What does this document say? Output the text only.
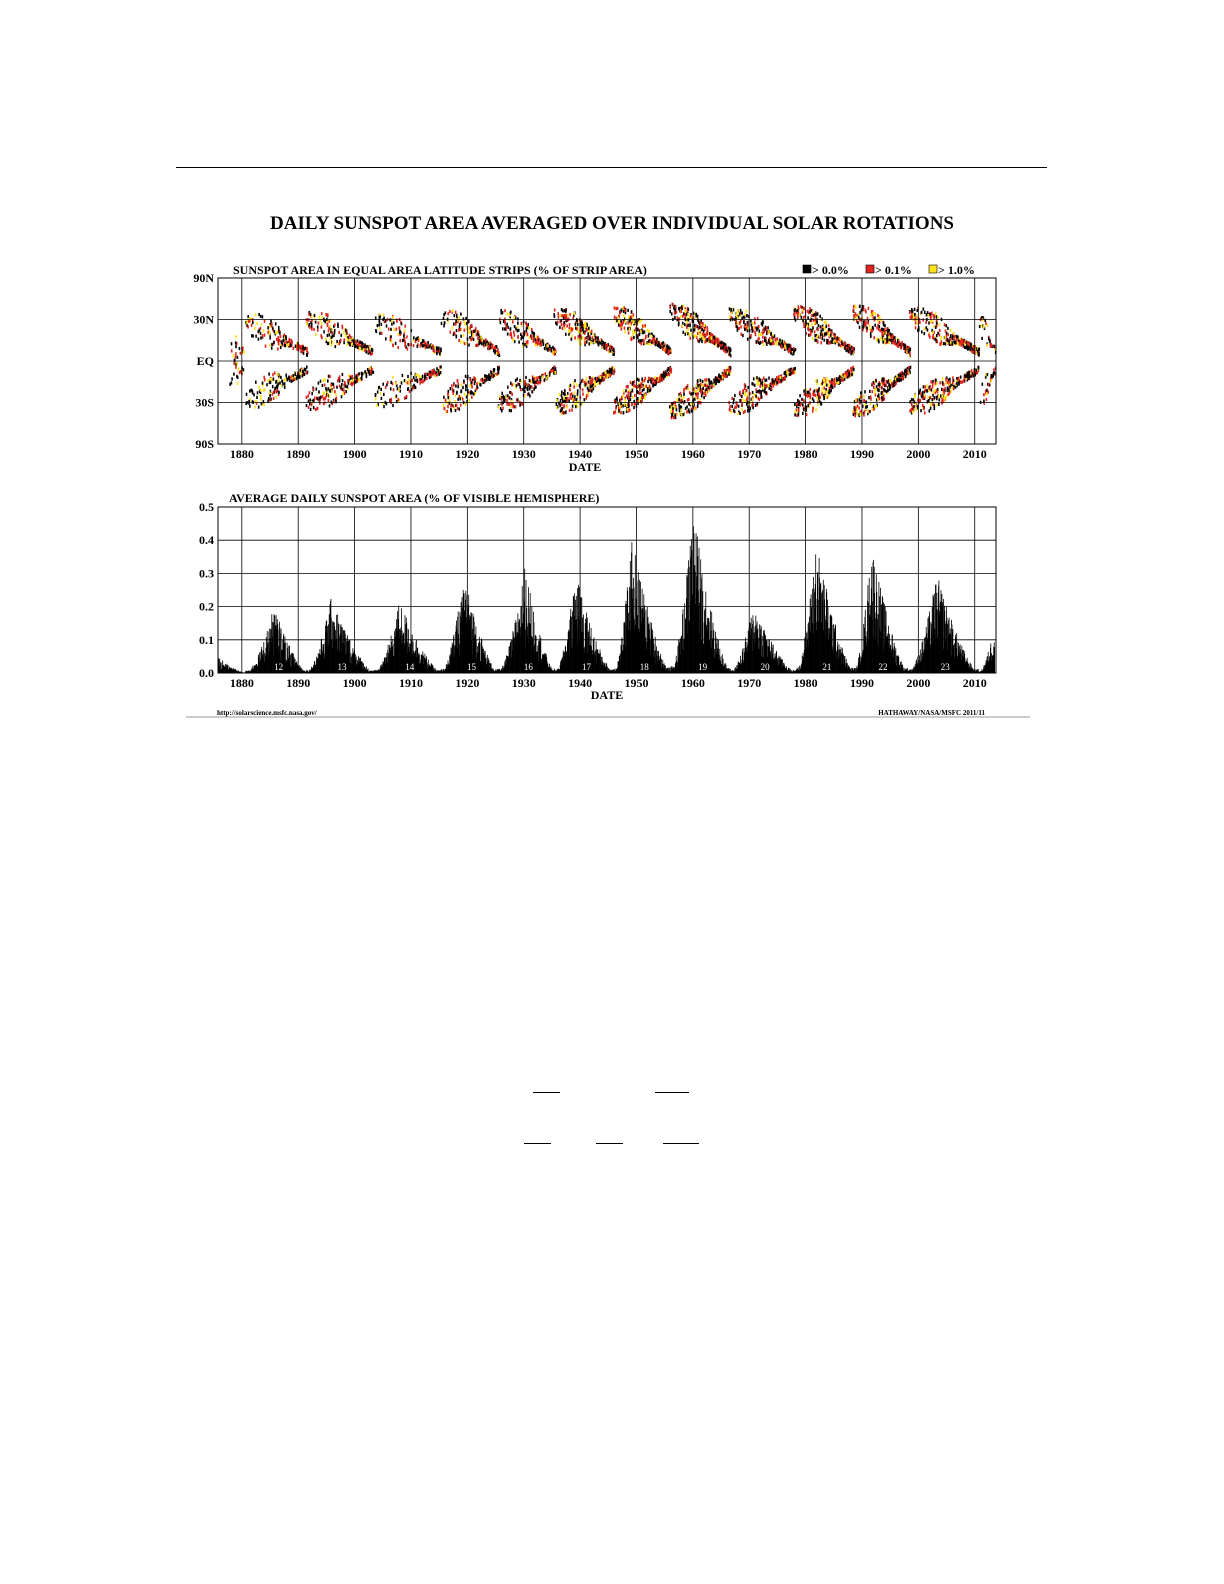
DAILY SUNSPOT AREA AVERAGED OVER INDIVIDUAL SOLAR ROTATIONS
SUNSPOT AREA IN EQUAL AREA LATITUDE STRIPS (% OF STRIP AREA)	> 0.0% > 0.1% > 1.0%
90N
30N
EQ
30S
90S
1880	1890	1900	1910	1920	1930	1940	1950	1960	1970	1980	1990	2000	2010
DATE
AVERAGE DAILY SUNSPOT AREA (% OF VISIBLE HEMISPHERE)
12	13	14	15	16	17	18	19	20	21	22	23
0.0
0.1
0.2
0.3
0.4
0.5
1880	1890	1900	1910	1920	1930	1940	1950	1960	1970	1980	1990	2000	2010
DATE
http://solarscience.msfc.nasa.gov/	HATHAWAY/NASA/MSFC 2011/11
